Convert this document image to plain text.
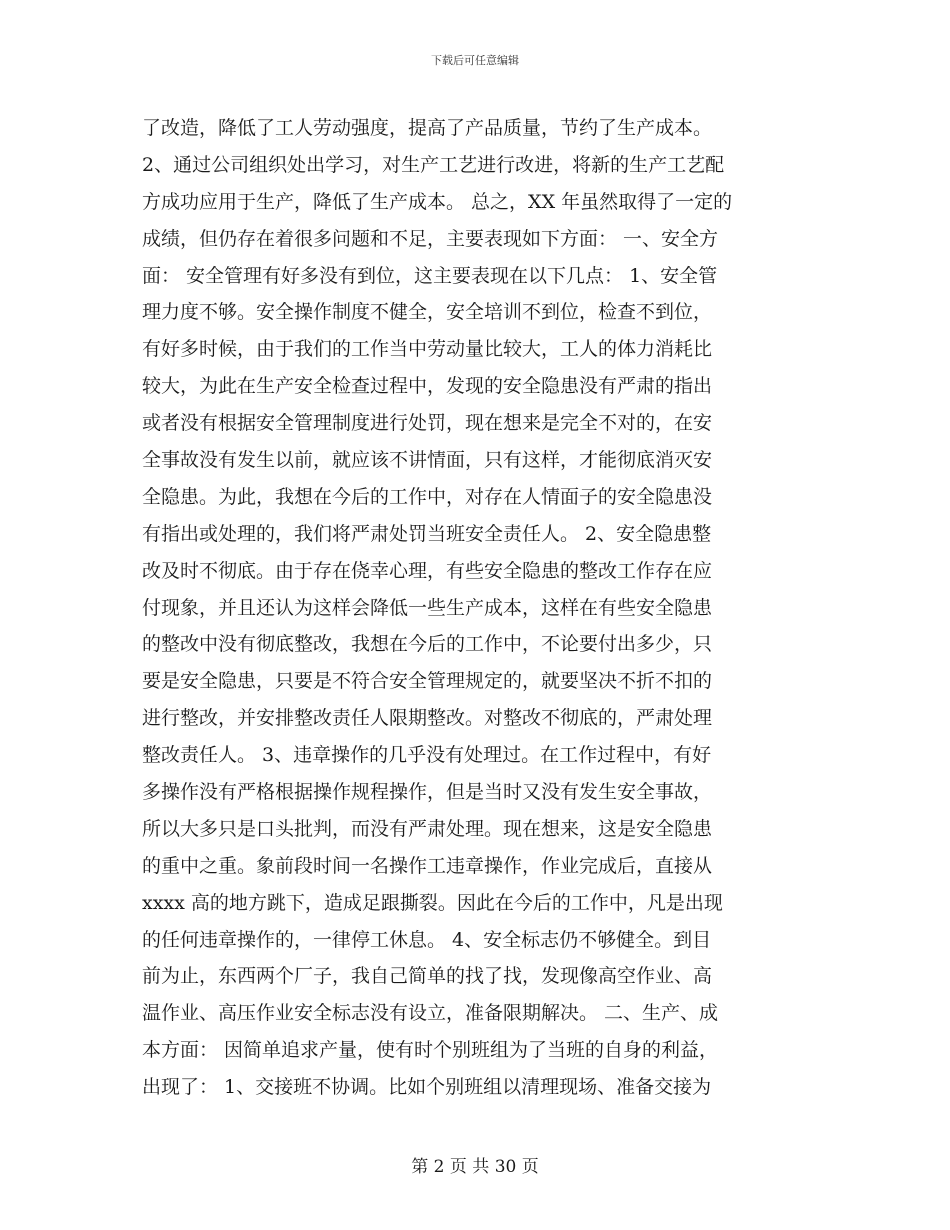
下载后可任意编辑
了改造，降低了工人劳动强度，提高了产品质量，节约了生产成本。
2、通过公司组织处出学习，对生产工艺进行改进，将新的生产工艺配
方成功应用于生产，降低了生产成本。 总之，XX 年虽然取得了一定的
成绩，但仍存在着很多问题和不足，主要表现如下方面： 一、安全方
面： 安全管理有好多没有到位，这主要表现在以下几点： 1、安全管
理力度不够。安全操作制度不健全，安全培训不到位，检查不到位，
有好多时候，由于我们的工作当中劳动量比较大，工人的体力消耗比
较大，为此在生产安全检查过程中，发现的安全隐患没有严肃的指出
或者没有根据安全管理制度进行处罚，现在想来是完全不对的，在安
全事故没有发生以前，就应该不讲情面，只有这样，才能彻底消灭安
全隐患。为此，我想在今后的工作中，对存在人情面子的安全隐患没
有指出或处理的，我们将严肃处罚当班安全责任人。 2、安全隐患整
改及时不彻底。由于存在侥幸心理，有些安全隐患的整改工作存在应
付现象，并且还认为这样会降低一些生产成本，这样在有些安全隐患
的整改中没有彻底整改，我想在今后的工作中，不论要付出多少，只
要是安全隐患，只要是不符合安全管理规定的，就要坚决不折不扣的
进行整改，并安排整改责任人限期整改。对整改不彻底的，严肃处理
整改责任人。 3、违章操作的几乎没有处理过。在工作过程中，有好
多操作没有严格根据操作规程操作，但是当时又没有发生安全事故，
所以大多只是口头批判，而没有严肃处理。现在想来，这是安全隐患
的重中之重。象前段时间一名操作工违章操作，作业完成后，直接从
xxxx 高的地方跳下，造成足跟撕裂。因此在今后的工作中，凡是出现
的任何违章操作的，一律停工休息。 4、安全标志仍不够健全。到目
前为止，东西两个厂子，我自己简单的找了找，发现像高空作业、高
温作业、高压作业安全标志没有设立，准备限期解决。 二、生产、成
本方面： 因简单追求产量，使有时个别班组为了当班的自身的利益，
出现了： 1、交接班不协调。比如个别班组以清理现场、准备交接为
第 2 页 共 30 页
